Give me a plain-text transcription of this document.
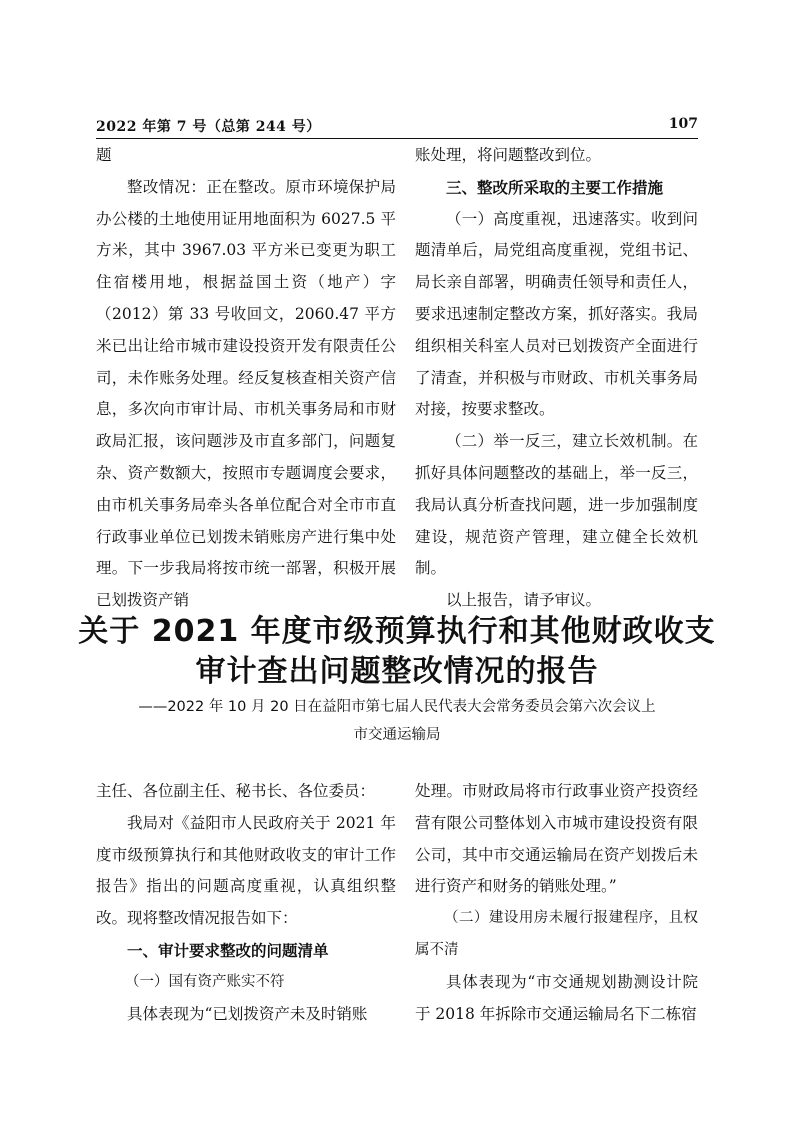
2022 年第 7 号（总第 244 号）	107

题

整改情况：正在整改。原市环境保护局办公楼的土地使用证用地面积为 6027.5 平方米，其中 3967.03 平方米已变更为职工住宿楼用地，根据益国土资（地产）字（2012）第 33 号收回文，2060.47 平方米已出让给市城市建设投资开发有限责任公司，未作账务处理。经反复核查相关资产信息，多次向市审计局、市机关事务局和市财政局汇报，该问题涉及市直多部门，问题复杂、资产数额大，按照市专题调度会要求，由市机关事务局牵头各单位配合对全市市直行政事业单位已划拨未销账房产进行集中处理。下一步我局将按市统一部署，积极开展已划拨资产销

账处理，将问题整改到位。

三、整改所采取的主要工作措施

（一）高度重视，迅速落实。收到问题清单后，局党组高度重视，党组书记、局长亲自部署，明确责任领导和责任人，要求迅速制定整改方案，抓好落实。我局组织相关科室人员对已划拨资产全面进行了清查，并积极与市财政、市机关事务局对接，按要求整改。

（二）举一反三，建立长效机制。在抓好具体问题整改的基础上，举一反三，我局认真分析查找问题，进一步加强制度建设，规范资产管理，建立健全长效机制。

以上报告，请予审议。

关于 2021 年度市级预算执行和其他财政收支
审计查出问题整改情况的报告
——2022 年 10 月 20 日在益阳市第七届人民代表大会常务委员会第六次会议上
市交通运输局

主任、各位副主任、秘书长、各位委员：

我局对《益阳市人民政府关于 2021 年度市级预算执行和其他财政收支的审计工作报告》指出的问题高度重视，认真组织整改。现将整改情况报告如下：

一、审计要求整改的问题清单

（一）国有资产账实不符

具体表现为“已划拨资产未及时销账

处理。市财政局将市行政事业资产投资经营有限公司整体划入市城市建设投资有限公司，其中市交通运输局在资产划拨后未进行资产和财务的销账处理。”

（二）建设用房未履行报建程序，且权属不清

具体表现为“市交通规划勘测设计院于 2018 年拆除市交通运输局名下二栋宿
